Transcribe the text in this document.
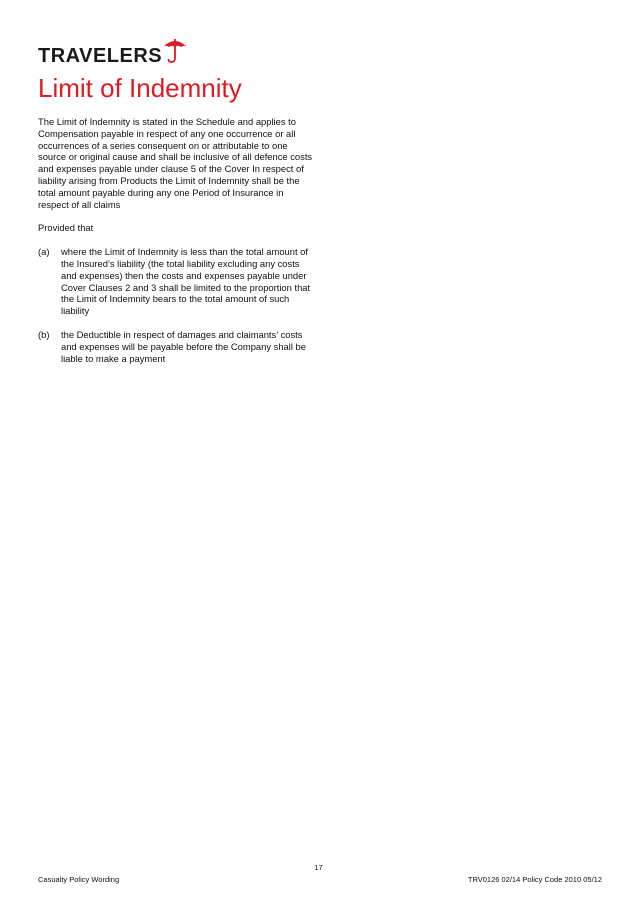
TRAVELERS
Limit of Indemnity

The Limit of Indemnity is stated in the Schedule and applies to Compensation payable in respect of any one occurrence or all occurrences of a series consequent on or attributable to one source or original cause and shall be inclusive of all defence costs and expenses payable under clause 5 of the Cover In respect of liability arising from Products the Limit of Indemnity shall be the total amount payable during any one Period of Insurance in respect of all claims

Provided that

(a)	where the Limit of Indemnity is less than the total amount of the Insured’s liability (the total liability excluding any costs and expenses) then the costs and expenses payable under Cover Clauses 2 and 3 shall be limited to the proportion that the Limit of Indemnity bears to the total amount of such liability
(b)	the Deductible in respect of damages and claimants’ costs and expenses will be payable before the Company shall be liable to make a payment
17
Casualty Policy Wording	TRV0126 02/14 Policy Code 2010 05/12
